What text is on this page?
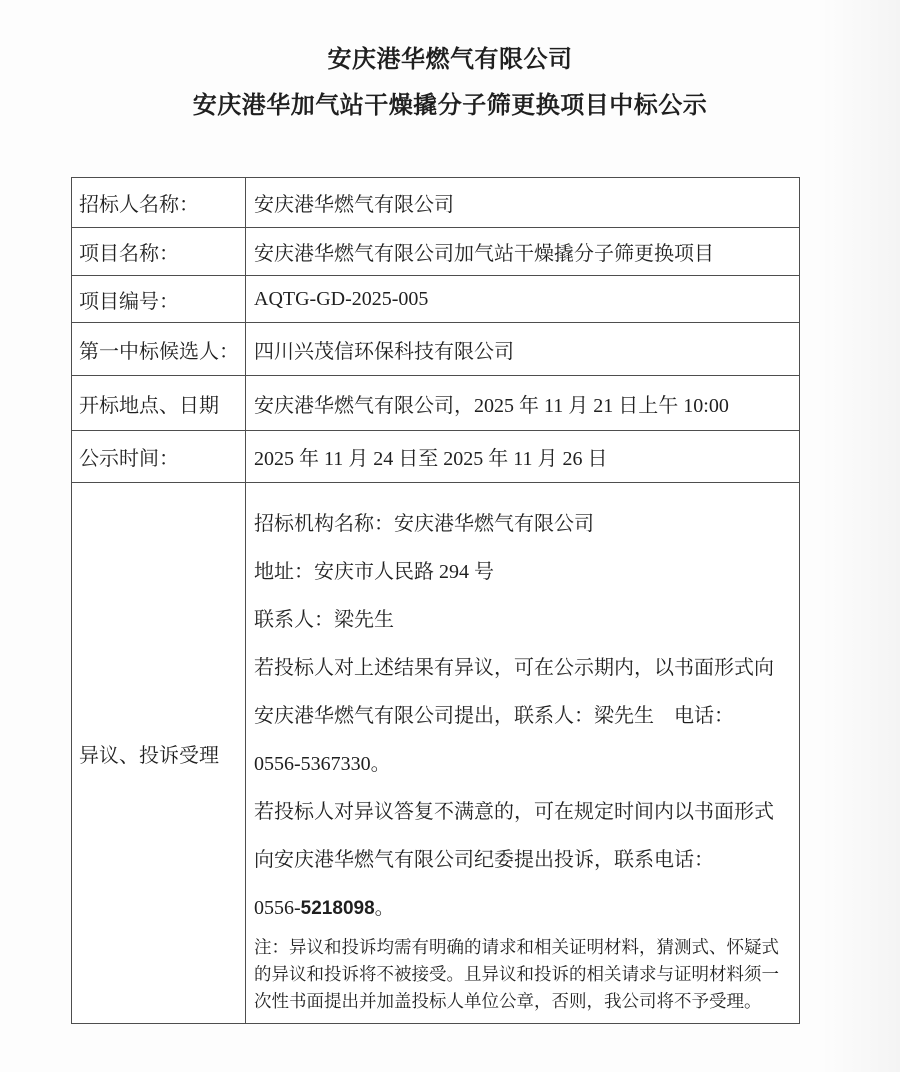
安庆港华燃气有限公司
安庆港华加气站干燥撬分子筛更换项目中标公示
招标人名称：	安庆港华燃气有限公司
项目名称：	安庆港华燃气有限公司加气站干燥撬分子筛更换项目
项目编号：	AQTG-GD-2025-005
第一中标候选人：	四川兴茂信环保科技有限公司
开标地点、日期	安庆港华燃气有限公司，2025 年 11 月 21 日上午 10:00
公示时间：	2025 年 11 月 24 日至 2025 年 11 月 26 日
异议、投诉受理	
招标机构名称：安庆港华燃气有限公司
地址：安庆市人民路 294 号
联系人：梁先生
若投标人对上述结果有异议，可在公示期内，以书面形式向
安庆港华燃气有限公司提出，联系人：梁先生　电话：
0556-5367330。
若投标人对异议答复不满意的，可在规定时间内以书面形式
向安庆港华燃气有限公司纪委提出投诉，联系电话：
0556-5218098。
注：异议和投诉均需有明确的请求和相关证明材料，猜测式、怀疑式
的异议和投诉将不被接受。且异议和投诉的相关请求与证明材料须一
次性书面提出并加盖投标人单位公章，否则，我公司将不予受理。
